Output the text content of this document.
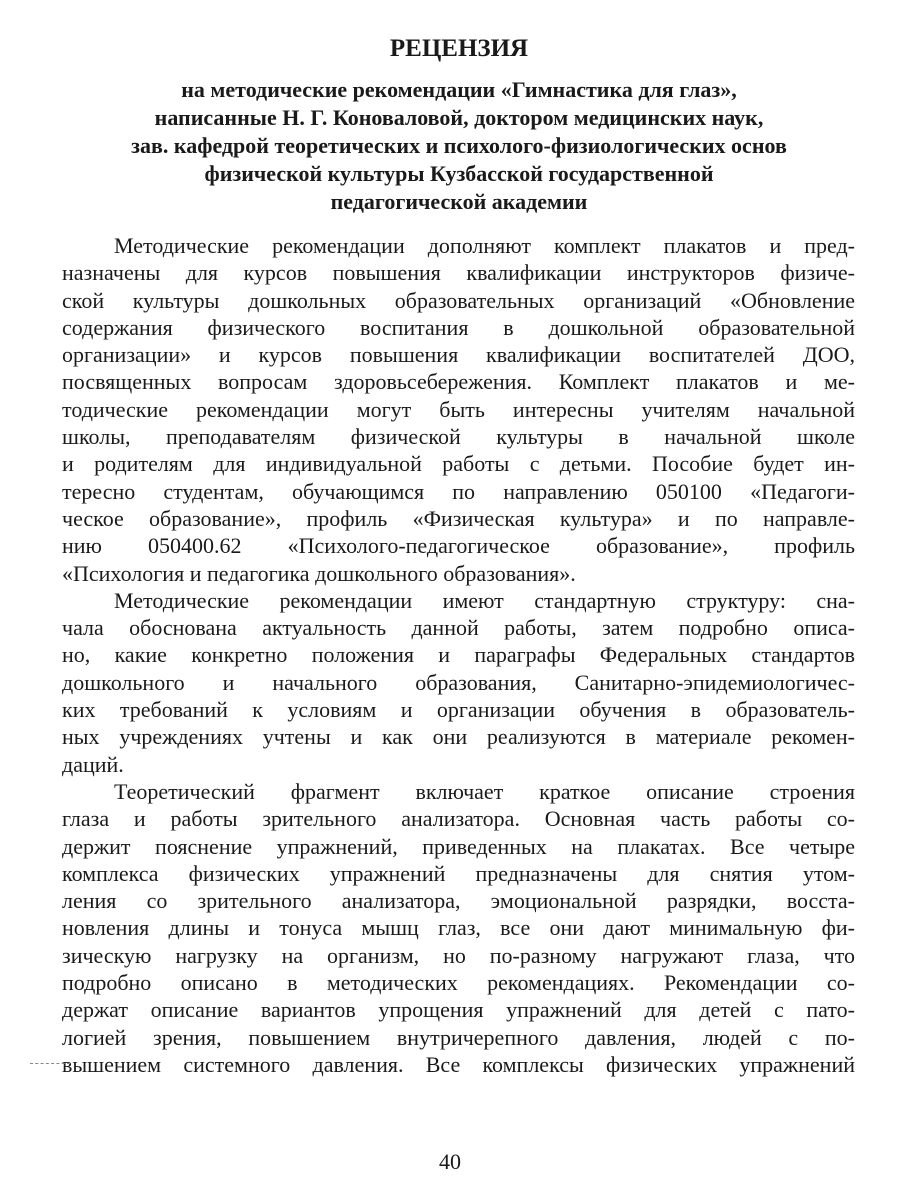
РЕЦЕНЗИЯ
на методические рекомендации «Гимнастика для глаз»,
написанные Н. Г. Коноваловой, доктором медицинских наук,
зав. кафедрой теоретических и психолого-физиологических основ
физической культуры Кузбасской государственной
педагогической академии
Методические рекомендации дополняют комплект плакатов и пред-
назначены для курсов повышения квалификации инструкторов физиче-
ской культуры дошкольных образовательных организаций «Обновление
содержания физического воспитания в дошкольной образовательной
организации» и курсов повышения квалификации воспитателей ДОО,
посвященных вопросам здоровьсебережения. Комплект плакатов и ме-
тодические рекомендации могут быть интересны учителям начальной
школы, преподавателям физической культуры в начальной школе
и родителям для индивидуальной работы с детьми. Пособие будет ин-
тересно студентам, обучающимся по направлению 050100 «Педагоги-
ческое образование», профиль «Физическая культура» и по направле-
нию 050400.62 «Психолого-педагогическое образование», профиль
«Психология и педагогика дошкольного образования».
Методические рекомендации имеют стандартную структуру: сна-
чала обоснована актуальность данной работы, затем подробно описа-
но, какие конкретно положения и параграфы Федеральных стандартов
дошкольного и начального образования, Санитарно-эпидемиологичес-
ких требований к условиям и организации обучения в образователь-
ных учреждениях учтены и как они реализуются в материале рекомен-
даций.
Теоретический фрагмент включает краткое описание строения
глаза и работы зрительного анализатора. Основная часть работы со-
держит пояснение упражнений, приведенных на плакатах. Все четыре
комплекса физических упражнений предназначены для снятия утом-
ления со зрительного анализатора, эмоциональной разрядки, восста-
новления длины и тонуса мышц глаз, все они дают минимальную фи-
зическую нагрузку на организм, но по-разному нагружают глаза, что
подробно описано в методических рекомендациях. Рекомендации со-
держат описание вариантов упрощения упражнений для детей с пато-
логией зрения, повышением внутричерепного давления, людей с по-
вышением системного давления. Все комплексы физических упражнений
40
